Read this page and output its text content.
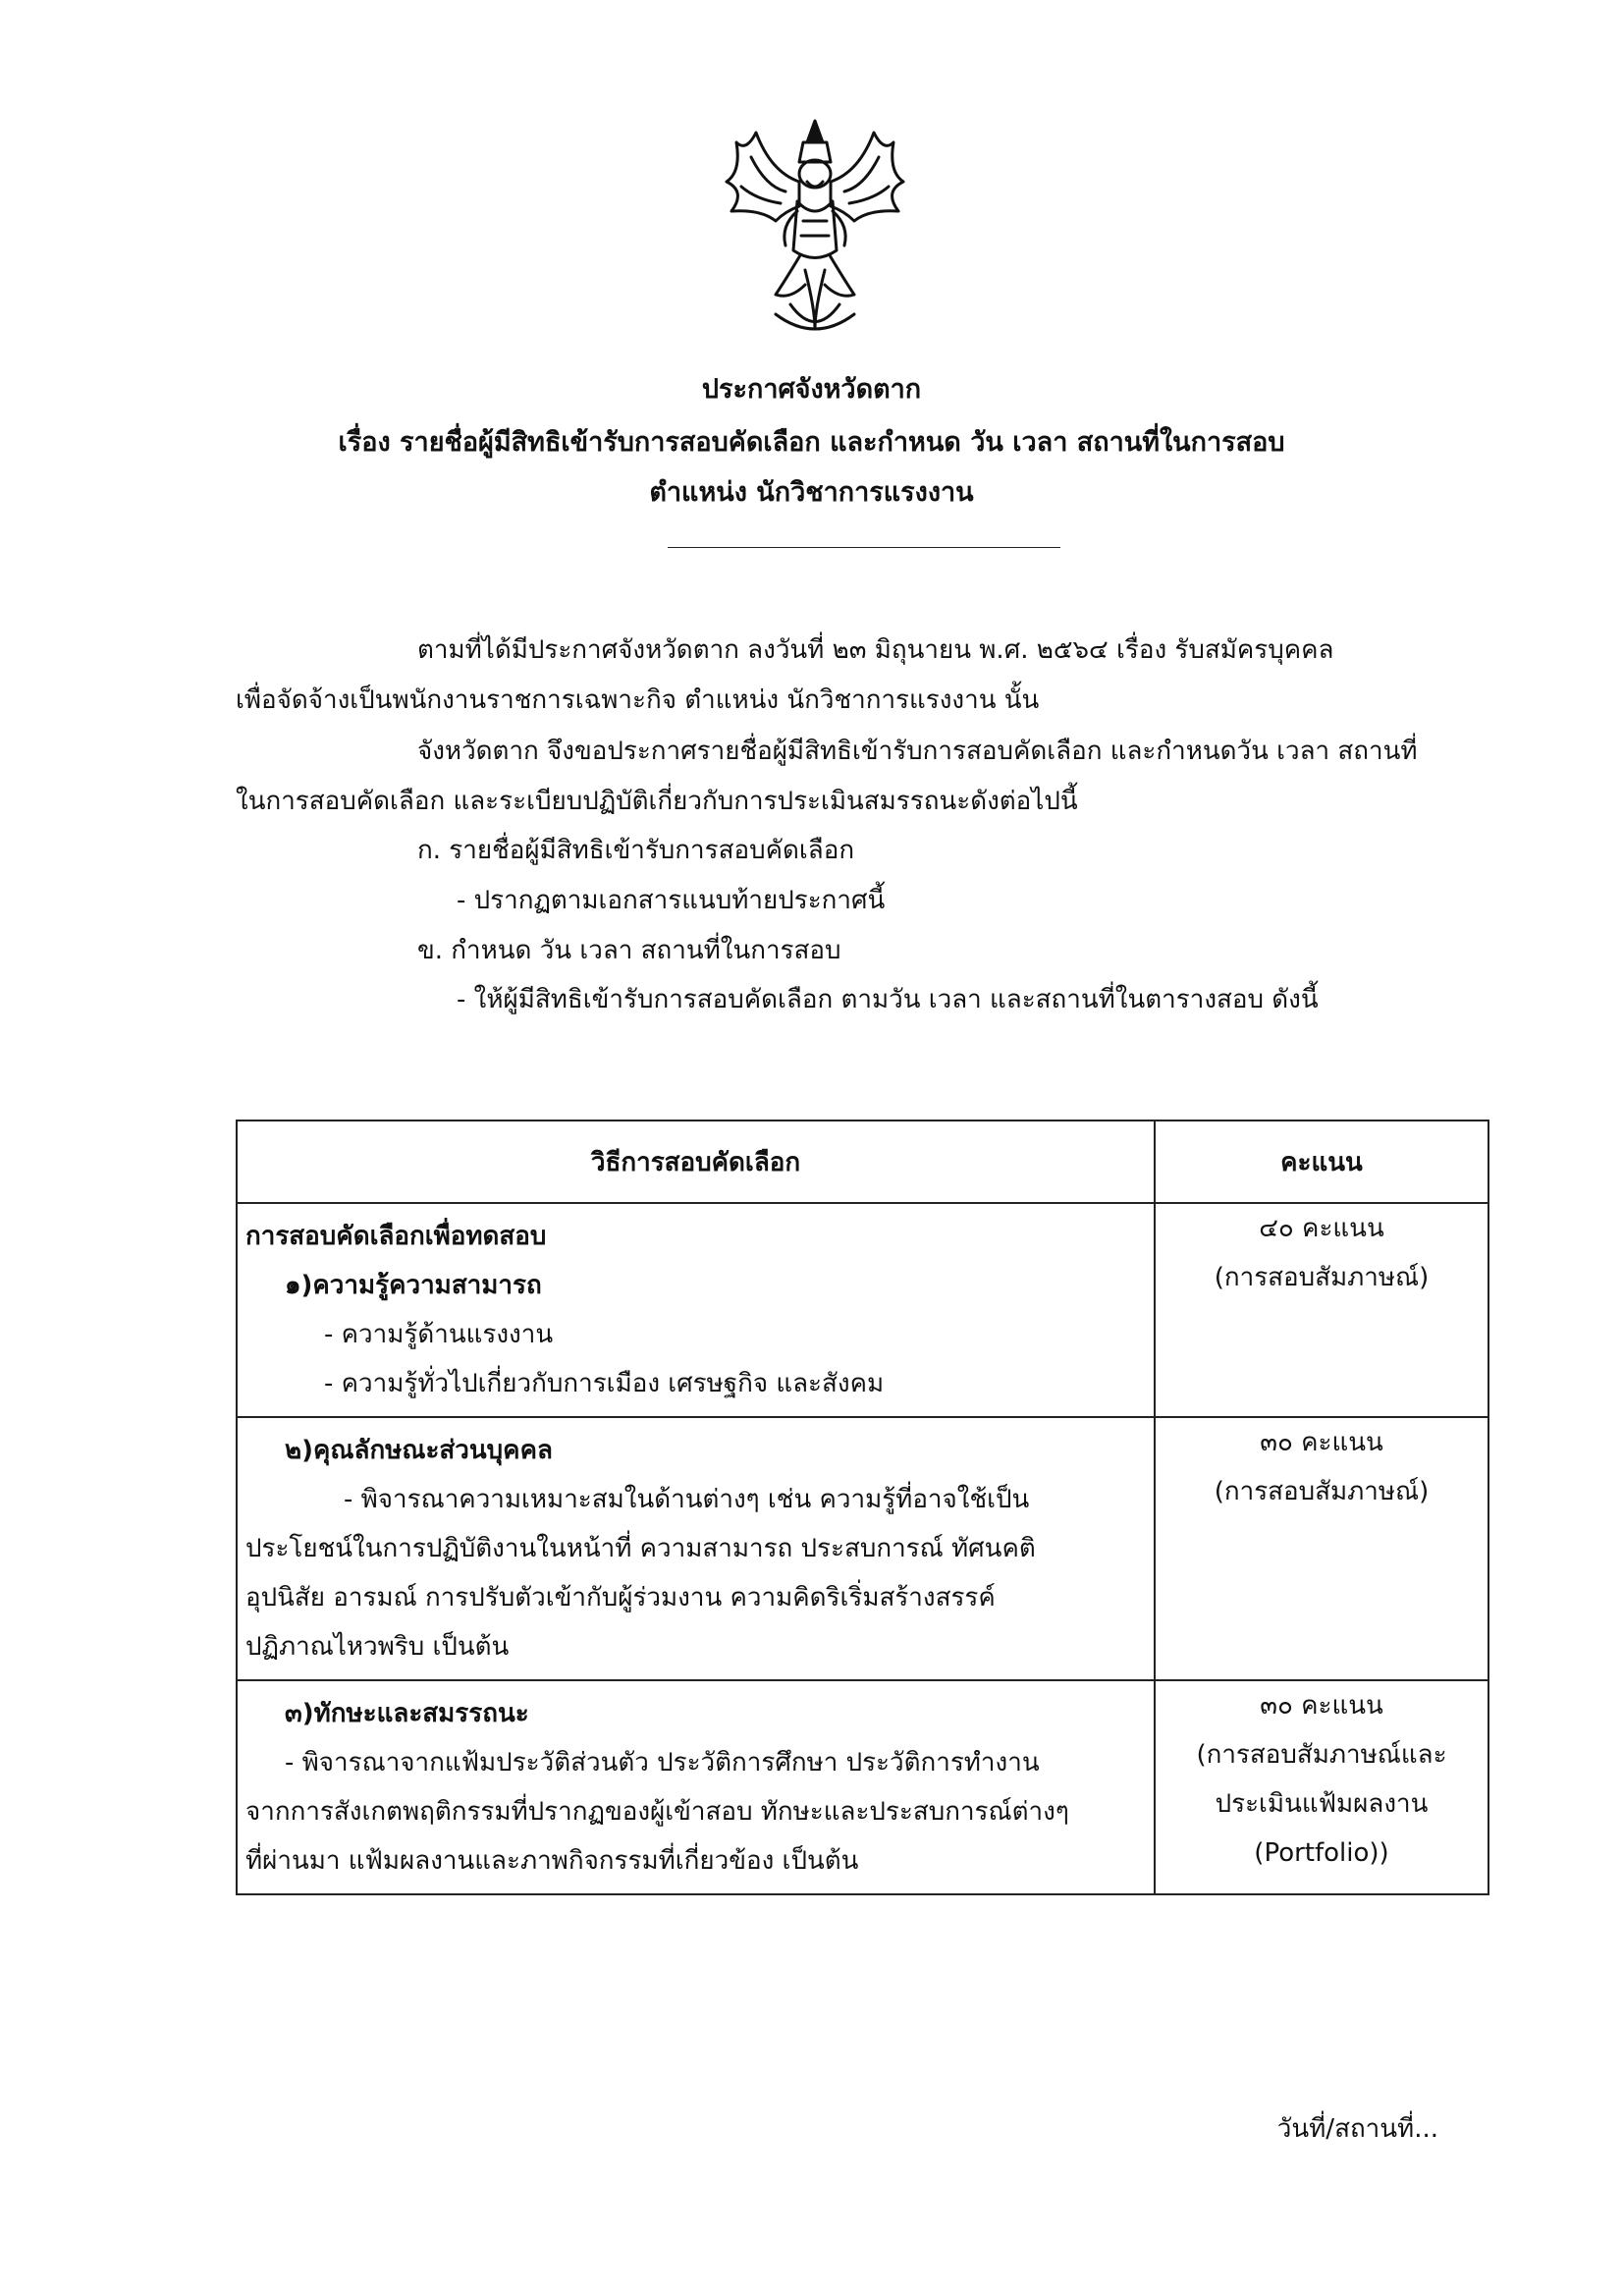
ประกาศจังหวัดตาก
เรื่อง รายชื่อผู้มีสิทธิเข้ารับการสอบคัดเลือก และกำหนด วัน เวลา สถานที่ในการสอบ
ตำแหน่ง นักวิชาการแรงงาน
ตามที่ได้มีประกาศจังหวัดตาก ลงวันที่ ๒๓ มิถุนายน พ.ศ. ๒๕๖๔ เรื่อง รับสมัครบุคคล
เพื่อจัดจ้างเป็นพนักงานราชการเฉพาะกิจ ตำแหน่ง นักวิชาการแรงงาน นั้น
จังหวัดตาก จึงขอประกาศรายชื่อผู้มีสิทธิเข้ารับการสอบคัดเลือก และกำหนดวัน เวลา สถานที่
ในการสอบคัดเลือก และระเบียบปฏิบัติเกี่ยวกับการประเมินสมรรถนะดังต่อไปนี้
ก. รายชื่อผู้มีสิทธิเข้ารับการสอบคัดเลือก
- ปรากฏตามเอกสารแนบท้ายประกาศนี้
ข. กำหนด วัน เวลา สถานที่ในการสอบ
- ให้ผู้มีสิทธิเข้ารับการสอบคัดเลือก ตามวัน เวลา และสถานที่ในตารางสอบ ดังนี้
วิธีการสอบคัดเลือก	คะแนน

การสอบคัดเลือกเพื่อทดสอบ
๑)ความรู้ความสามารถ
- ความรู้ด้านแรงงาน
- ความรู้ทั่วไปเกี่ยวกับการเมือง เศรษฐกิจ และสังคม	๔๐ คะแนน
(การสอบสัมภาษณ์)

๒)คุณลักษณะส่วนบุคคล
- พิจารณาความเหมาะสมในด้านต่างๆ เช่น ความรู้ที่อาจใช้เป็น
ประโยชน์ในการปฏิบัติงานในหน้าที่ ความสามารถ ประสบการณ์ ทัศนคติ
อุปนิสัย อารมณ์ การปรับตัวเข้ากับผู้ร่วมงาน ความคิดริเริ่มสร้างสรรค์
ปฏิภาณไหวพริบ เป็นต้น	๓๐ คะแนน
(การสอบสัมภาษณ์)

๓)ทักษะและสมรรถนะ
- พิจารณาจากแฟ้มประวัติส่วนตัว ประวัติการศึกษา ประวัติการทำงาน
จากการสังเกตพฤติกรรมที่ปรากฏของผู้เข้าสอบ ทักษะและประสบการณ์ต่างๆ
ที่ผ่านมา แฟ้มผลงานและภาพกิจกรรมที่เกี่ยวข้อง เป็นต้น	๓๐ คะแนน
(การสอบสัมภาษณ์และ
ประเมินแฟ้มผลงาน
(Portfolio))
วันที่/สถานที่...
